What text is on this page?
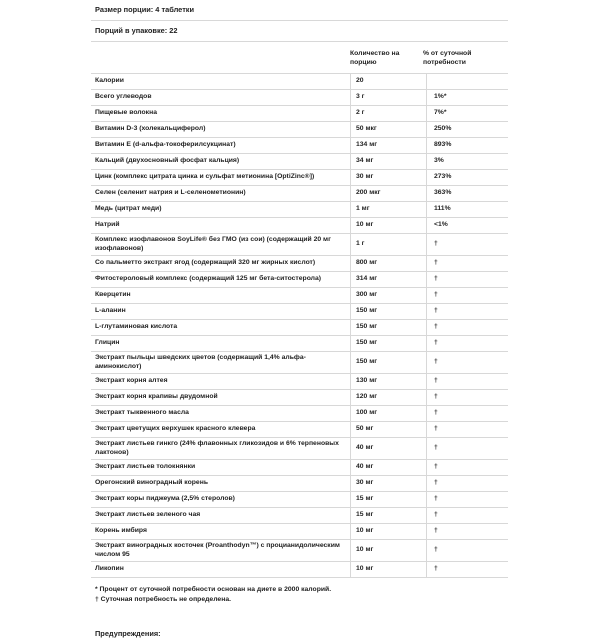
Размер порции: 4 таблетки
Порций в упаковке: 22
Количество на порцию
% от суточной потребности
Калории	20	
Всего углеводов	3 г	1%*
Пищевые волокна	2 г	7%*
Витамин D-3 (холекальциферол)	50 мкг	250%
Витамин E (d-альфа-токоферилсукцинат)	134 мг	893%
Кальций (двухосновный фосфат кальция)	34 мг	3%
Цинк (комплекс цитрата цинка и сульфат метионина [OptiZinc®])	30 мг	273%
Селен (селенит натрия и L-селенометионин)	200 мкг	363%
Медь (цитрат меди)	1 мг	111%
Натрий	10 мг	<1%
Комплекс изофлавонов SoyLife® без ГМО (из сои) (содержащий 20 мг изофлавонов)	1 г	†
Со пальметто экстракт ягод (содержащий 320 мг жирных кислот)	800 мг	†
Фитостероловый комплекс (содержащий 125 мг бета-ситостерола)	314 мг	†
Кверцетин	300 мг	†
L-аланин	150 мг	†
L-глутаминовая кислота	150 мг	†
Глицин	150 мг	†
Экстракт пыльцы шведских цветов (содержащий 1,4% альфа-аминокислот)	150 мг	†
Экстракт корня алтея	130 мг	†
Экстракт корня крапивы двудомной	120 мг	†
Экстракт тыквенного масла	100 мг	†
Экстракт цветущих верхушек красного клевера	50 мг	†
Экстракт листьев гинкго (24% флавонных гликозидов и 6% терпеновых лактонов)	40 мг	†
Экстракт листьев толокнянки	40 мг	†
Орегонский виноградный корень	30 мг	†
Экстракт коры пиджеума (2,5% стеролов)	15 мг	†
Экстракт листьев зеленого чая	15 мг	†
Корень имбиря	10 мг	†
Экстракт виноградных косточек (Proanthodyn™) с процианидолическим числом 95	10 мг	†
Ликопин	10 мг	†
* Процент от суточной потребности основан на диете в 2000 калорий.
† Суточная потребность не определена.
Предупреждения:
